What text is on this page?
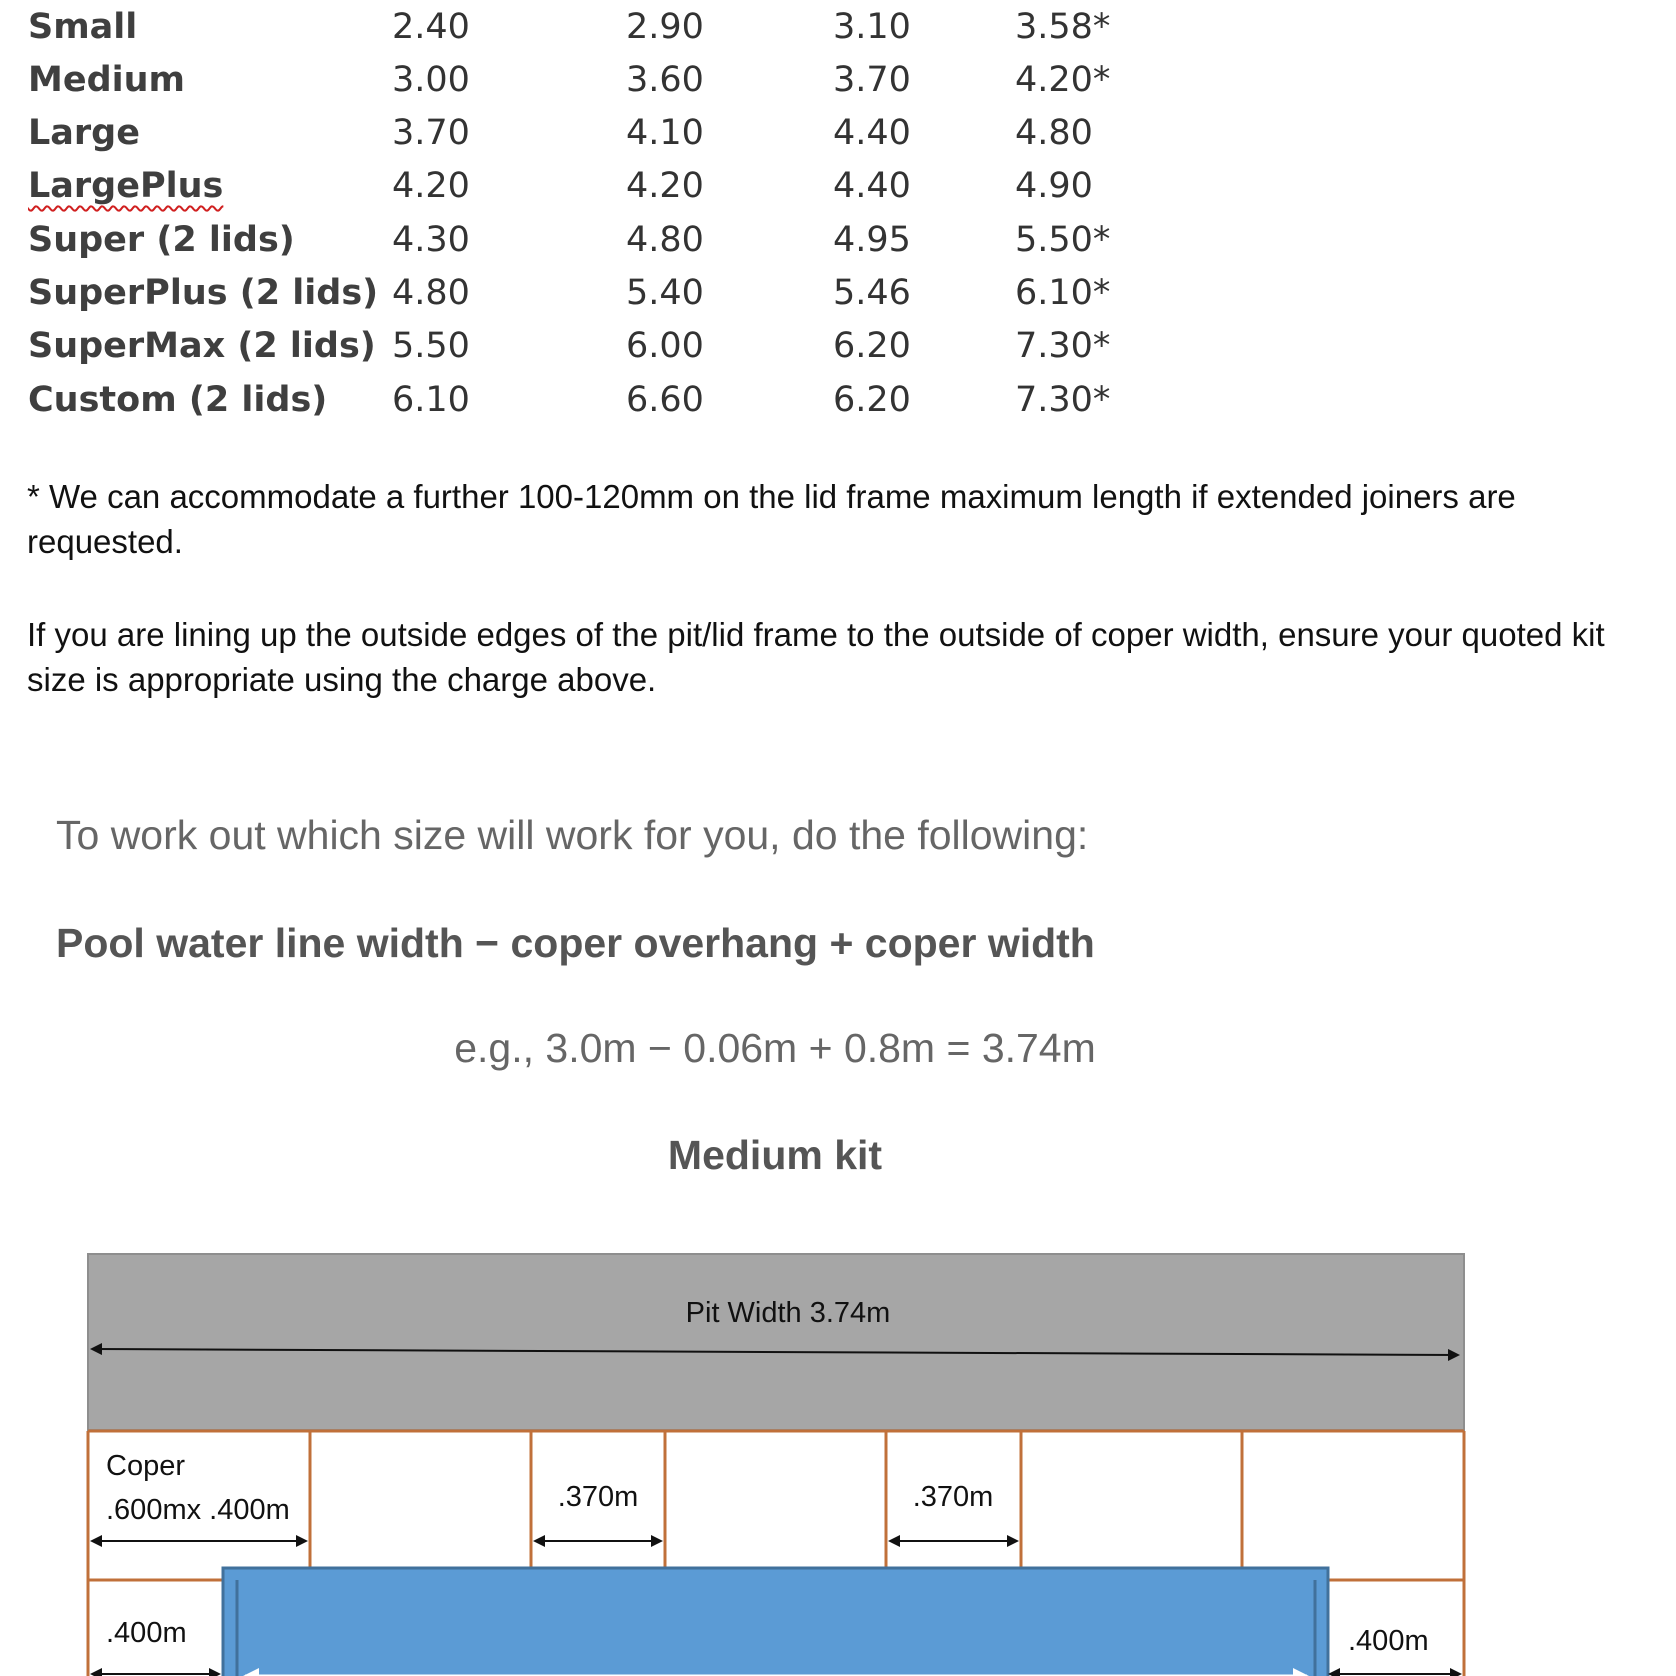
Small	2.40	2.90	3.10	3.58*
Medium	3.00	3.60	3.70	4.20*
Large	3.70	4.10	4.40	4.80
LargePlus	4.20	4.20	4.40	4.90
Super (2 lids)	4.30	4.80	4.95	5.50*
SuperPlus (2 lids) 4.80	5.40	5.46	6.10*
SuperMax (2 lids) 5.50	6.00	6.20	7.30*
Custom (2 lids) 6.10	6.60	6.20	7.30*
* We can accommodate a further 100-120mm on the lid frame maximum length if extended joiners are requested.
If you are lining up the outside edges of the pit/lid frame to the outside of coper width, ensure your quoted kit size is appropriate using the charge above.
To work out which size will work for you, do the following:
Pool water line width − coper overhang + coper width
e.g., 3.0m − 0.06m + 0.8m = 3.74m
Medium kit
Pit Width 3.74m
Coper
.600mx .400m	.370m	.370m
.400m	.400m
